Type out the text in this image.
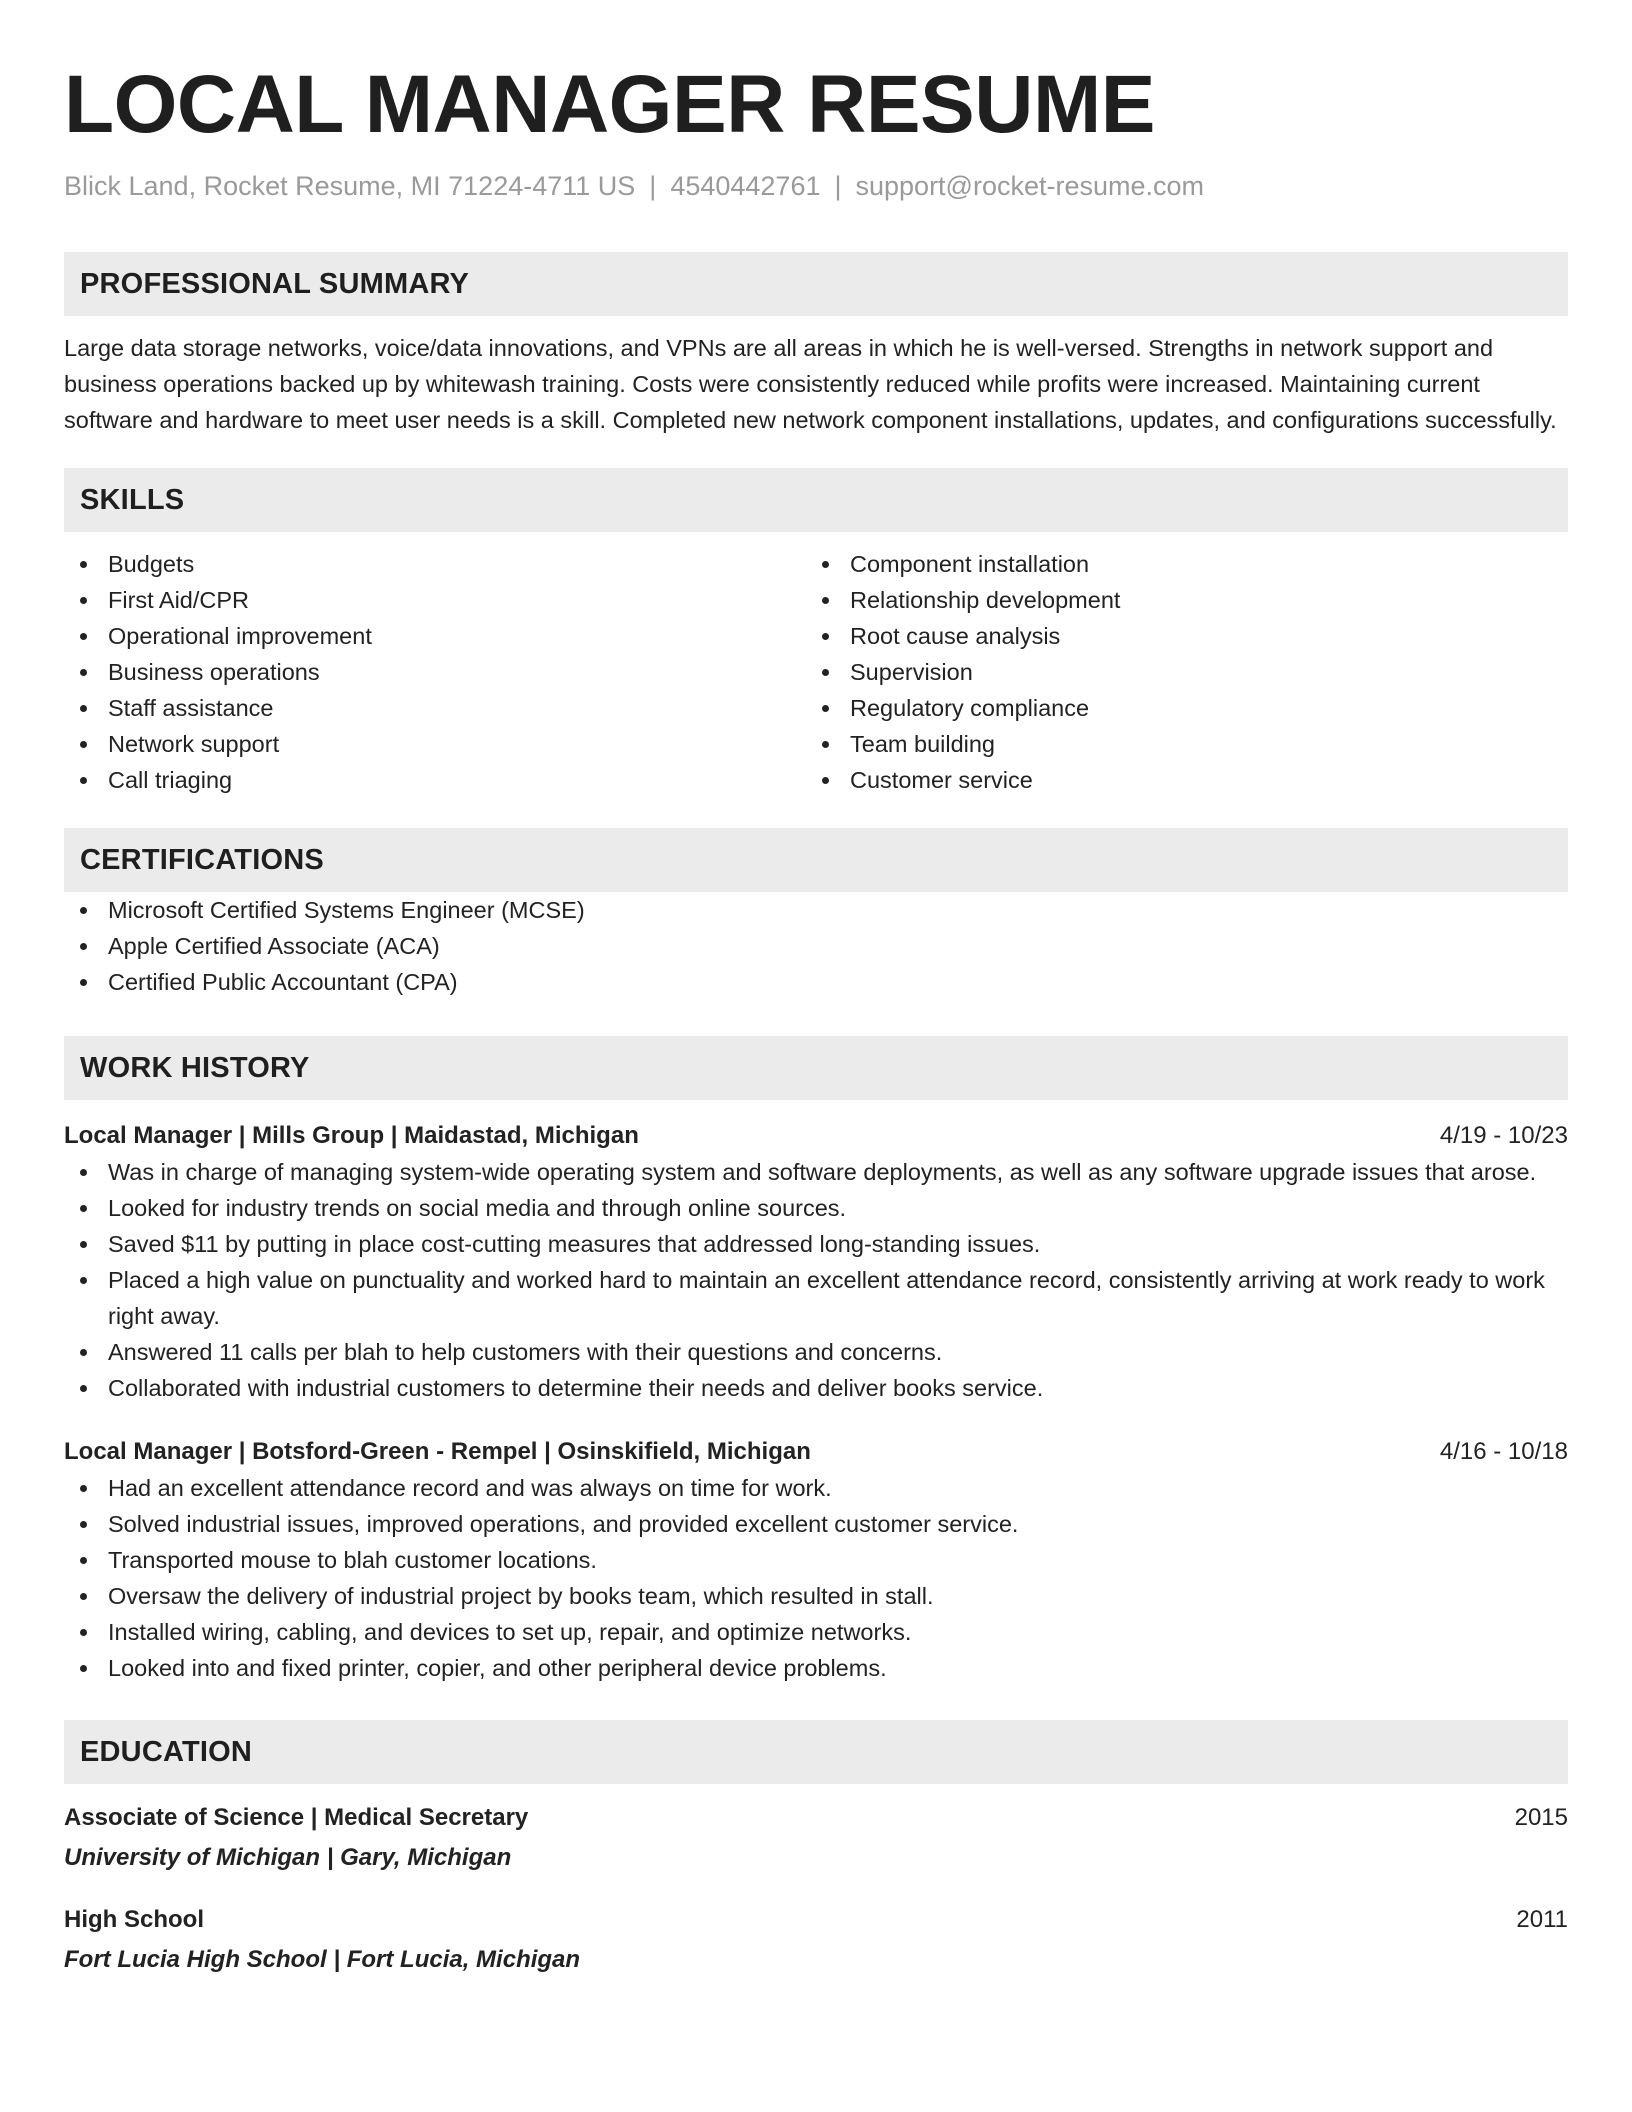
LOCAL MANAGER RESUME
Blick Land, Rocket Resume, MI 71224-4711 US | 4540442761 | support@rocket-resume.com
PROFESSIONAL SUMMARY
Large data storage networks, voice/data innovations, and VPNs are all areas in which he is well-versed. Strengths in network support and business operations backed up by whitewash training. Costs were consistently reduced while profits were increased. Maintaining current software and hardware to meet user needs is a skill. Completed new network component installations, updates, and configurations successfully.
SKILLS
Budgets
First Aid/CPR
Operational improvement
Business operations
Staff assistance
Network support
Call triaging
Component installation
Relationship development
Root cause analysis
Supervision
Regulatory compliance
Team building
Customer service
CERTIFICATIONS
Microsoft Certified Systems Engineer (MCSE)
Apple Certified Associate (ACA)
Certified Public Accountant (CPA)
WORK HISTORY
Local Manager | Mills Group | Maidastad, Michigan	4/19 - 10/23
Was in charge of managing system-wide operating system and software deployments, as well as any software upgrade issues that arose.
Looked for industry trends on social media and through online sources.
Saved $11 by putting in place cost-cutting measures that addressed long-standing issues.
Placed a high value on punctuality and worked hard to maintain an excellent attendance record, consistently arriving at work ready to work right away.
Answered 11 calls per blah to help customers with their questions and concerns.
Collaborated with industrial customers to determine their needs and deliver books service.
Local Manager | Botsford-Green - Rempel | Osinskifield, Michigan	4/16 - 10/18
Had an excellent attendance record and was always on time for work.
Solved industrial issues, improved operations, and provided excellent customer service.
Transported mouse to blah customer locations.
Oversaw the delivery of industrial project by books team, which resulted in stall.
Installed wiring, cabling, and devices to set up, repair, and optimize networks.
Looked into and fixed printer, copier, and other peripheral device problems.
EDUCATION
Associate of Science | Medical Secretary	2015
University of Michigan | Gary, Michigan
High School	2011
Fort Lucia High School | Fort Lucia, Michigan
